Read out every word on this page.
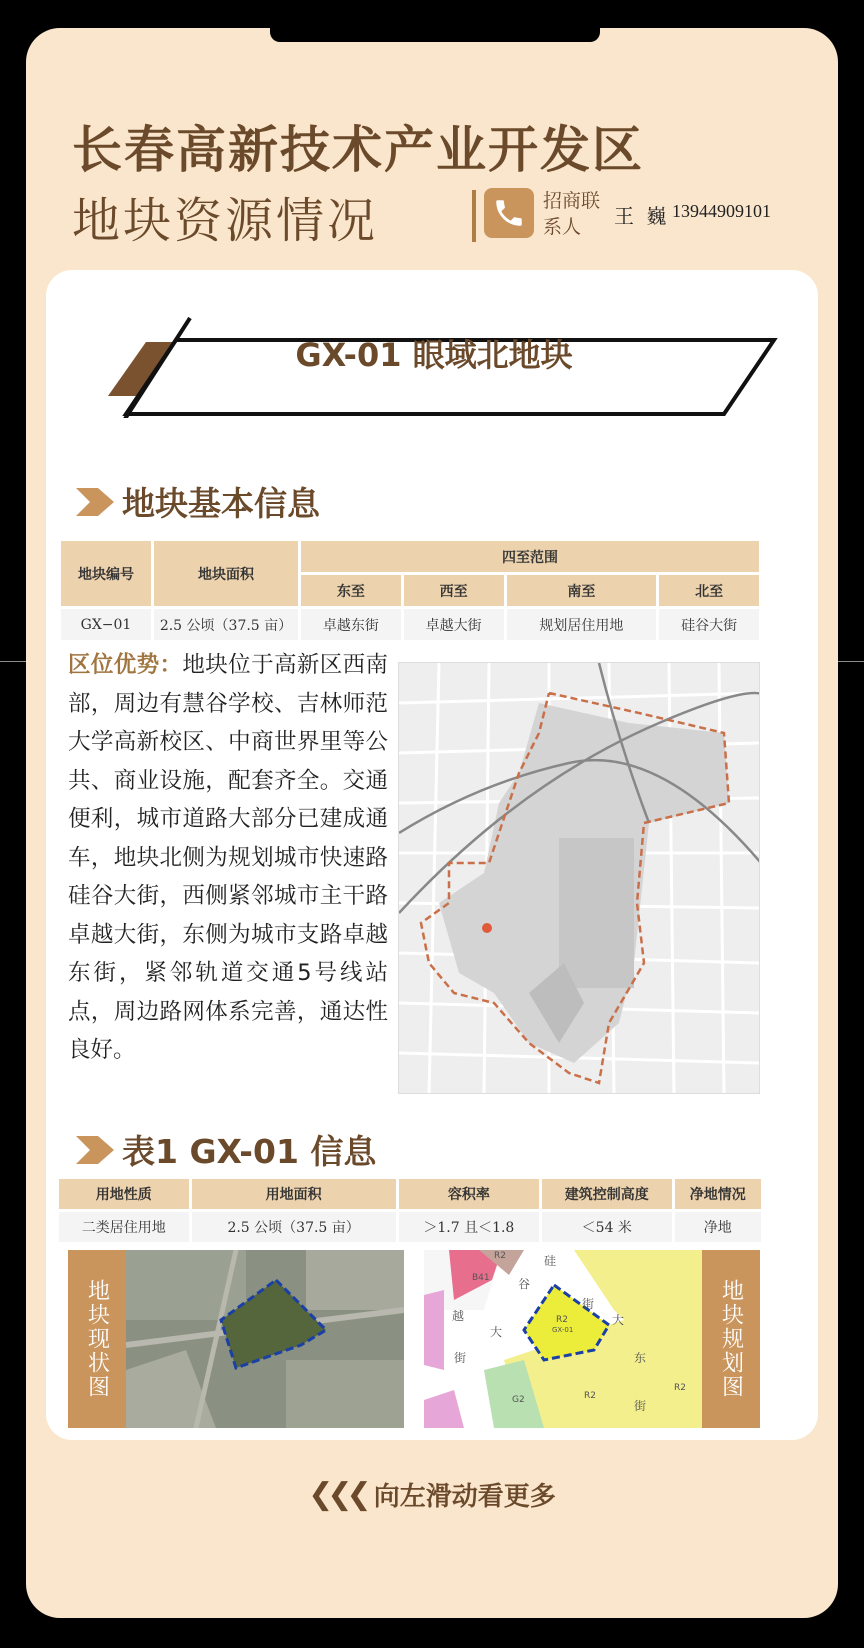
长春高新技术产业开发区
地块资源情况	招商联系人	王 巍 13944909101
GX-01 眼域北地块
地块基本信息
地块编号	地块面积	四至范围			
		东至	西至	南至	北至
GX−01	2.5 公顷（37.5 亩）	卓越东街	卓越大街	规划居住用地	硅谷大街
区位优势：地块位于高新区西南部，周边有慧谷学校、吉林师范大学高新校区、中商世界里等公共、商业设施，配套齐全。交通便利，城市道路大部分已建成通车，地块北侧为规划城市快速路硅谷大街，西侧紧邻城市主干路卓越大街，东侧为城市支路卓越东街，紧邻轨道交通5号线站点，周边路网体系完善，通达性良好。
表1 GX-01 信息
用地性质	用地面积	容积率	建筑控制高度	净地情况
二类居住用地	2.5 公顷（37.5 亩）	＞1.7 且＜1.8	＜54 米	净地
地块现状图
R2
B41
硅
谷
大
街
越
大
街
R2
GX-01
东
G2	R2
R2
街
地块规划图
❮❮❮ 向左滑动看更多
